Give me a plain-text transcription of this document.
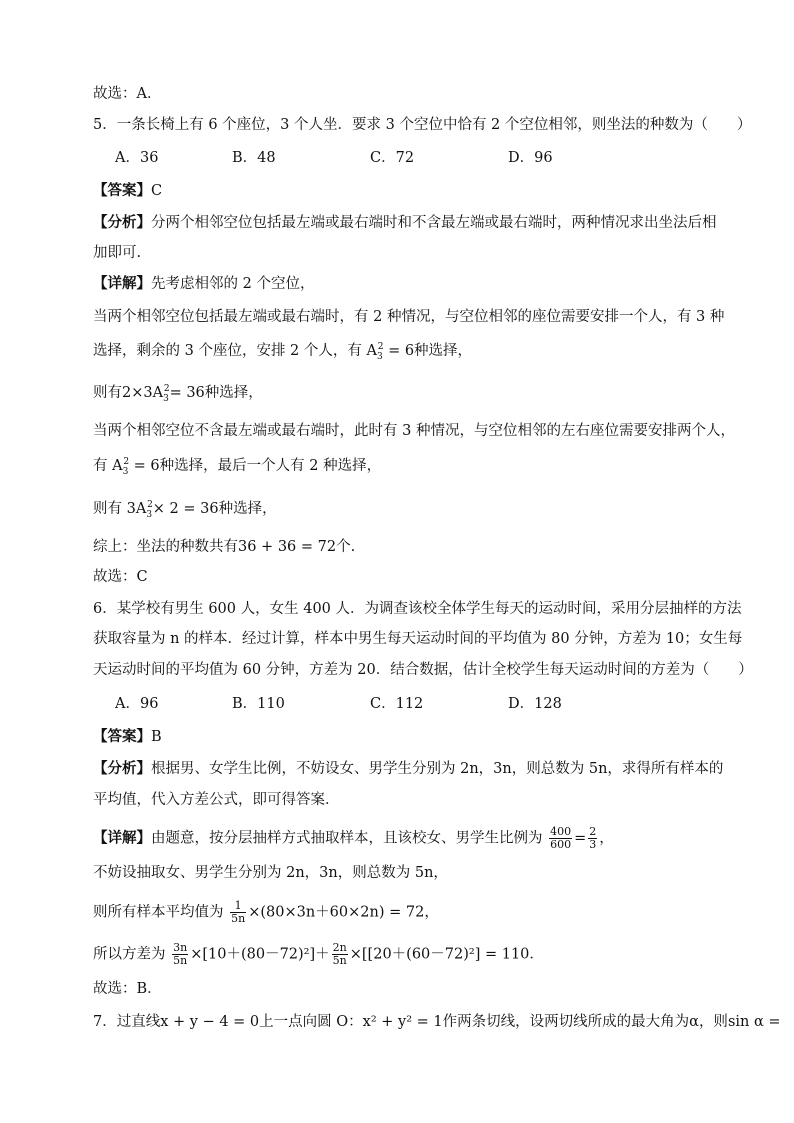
故选：A．
5．一条长椅上有 6 个座位，3 个人坐．要求 3 个空位中恰有 2 个空位相邻，则坐法的种数为（　　）
A．36	B．48	C．72	D．96
【答案】C
【分析】分两个相邻空位包括最左端或最右端时和不含最左端或最右端时，两种情况求出坐法后相
加即可.
【详解】先考虑相邻的 2 个空位，
当两个相邻空位包括最左端或最右端时，有 2 种情况，与空位相邻的座位需要安排一个人，有 3 种
选择，剩余的 3 个座位，安排 2 个人，有 $A_3^2 = 6$种选择，
则有$2\times 3A_3^2= 36$种选择，
当两个相邻空位不含最左端或最右端时，此时有 3 种情况，与空位相邻的左右座位需要安排两个人，
有 $A_3^2 = 6$种选择，最后一个人有 2 种选择，
则有 $3A_3^2\times 2 = 36$种选择，
综上：坐法的种数共有36 + 36 = 72个.
故选：C
6．某学校有男生 600 人，女生 400 人．为调查该校全体学生每天的运动时间，采用分层抽样的方法
获取容量为 n 的样本．经过计算，样本中男生每天运动时间的平均值为 80 分钟，方差为 10；女生每
天运动时间的平均值为 60 分钟，方差为 20．结合数据，估计全校学生每天运动时间的方差为（　　）
A．96	B．110	C．112	D．128
【答案】B
【分析】根据男、女学生比例，不妨设女、男学生分别为 2n，3n，则总数为 5n，求得所有样本的
平均值，代入方差公式，即可得答案．
【详解】由题意，按分层抽样方式抽取样本，且该校女、男学生比例为 $\frac{400}{600} = \frac{2}{3}$ ，
不妨设抽取女、男学生分别为 2n，3n，则总数为 5n，
则所有样本平均值为 $\frac{1}{5n} \times(80\times 3n+60\times 2n) = 72$，
所以方差为 $\frac{3n}{5n} \times[10+(80-72)^2]+ \frac{2n}{5n} \times[[20+(60-72)^2] = 110$．
故选：B．
7．过直线x + y − 4 = 0上一点向圆 O：x² + y² = 1作两条切线，设两切线所成的最大角为α，则sin α =
